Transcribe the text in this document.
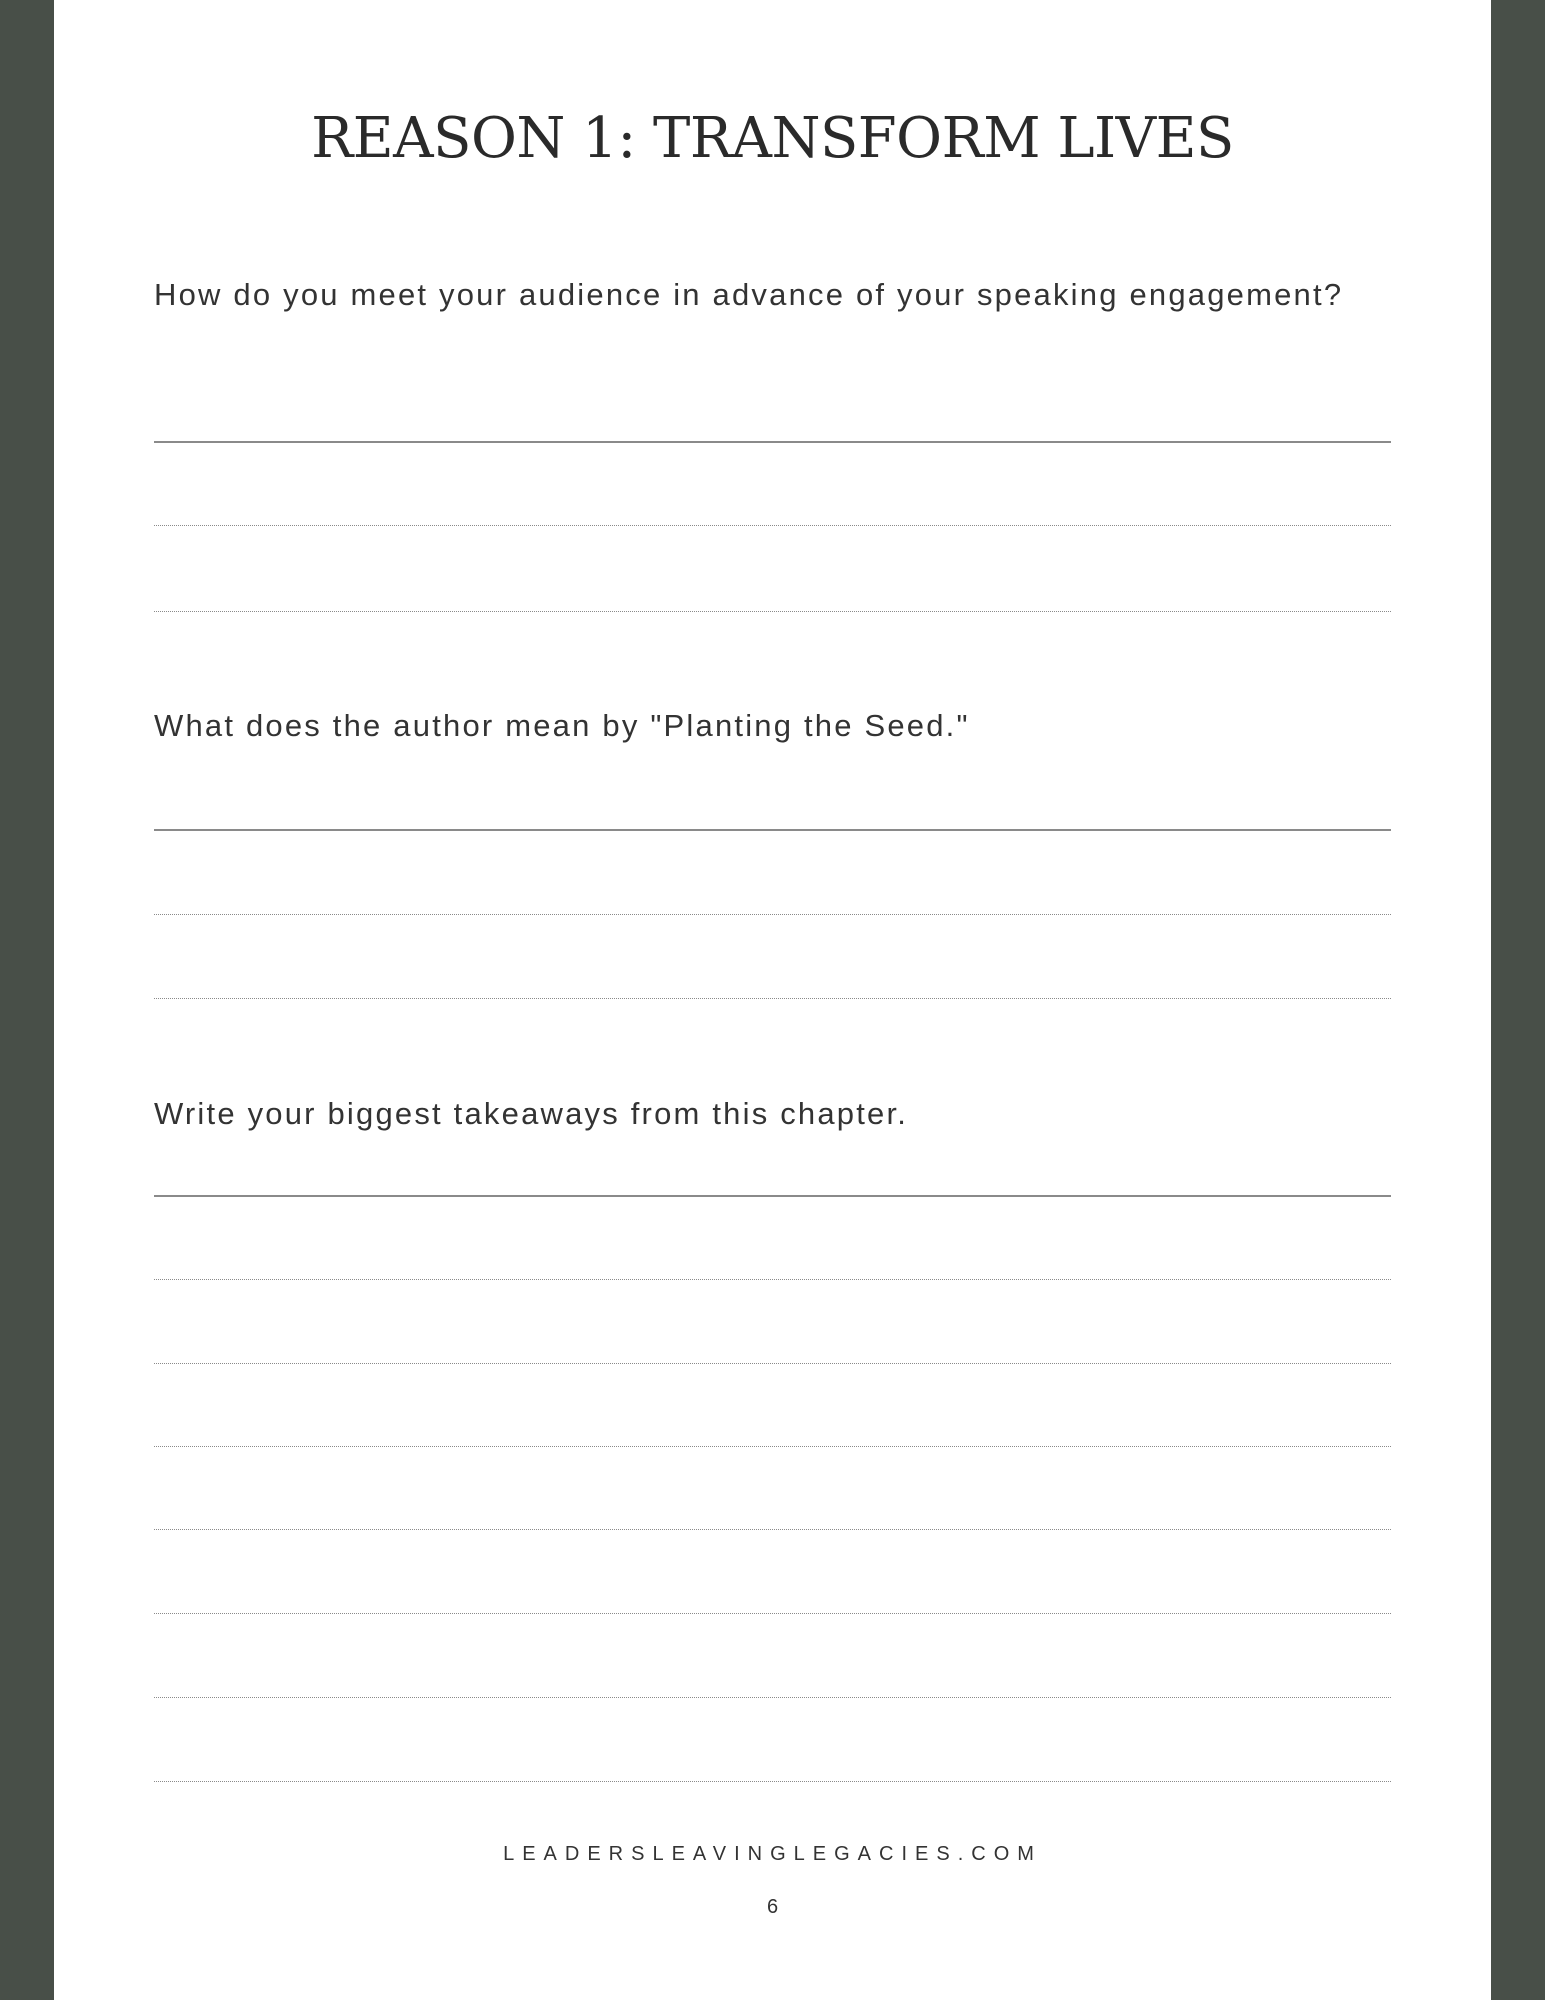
REASON 1: TRANSFORM LIVES

How do you meet your audience in advance of your speaking engagement?

What does the author mean by "Planting the Seed."

Write your biggest takeaways from this chapter.

LEADERSLEAVINGLEGACIES.COM
6
